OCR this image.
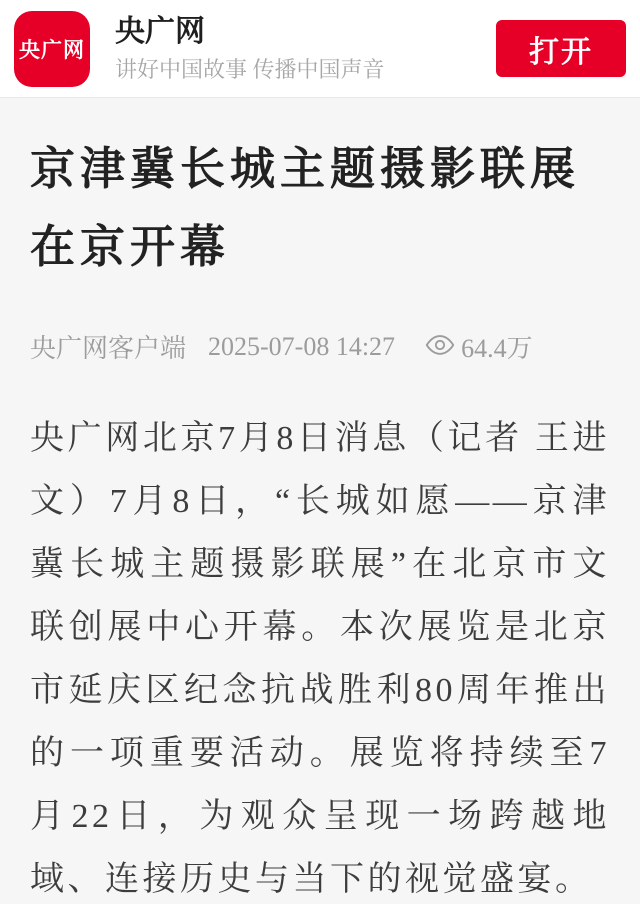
央广网
央广网
讲好中国故事 传播中国声音
打开
京津冀长城主题摄影联展在京开幕
央广网客户端 2025-07-08 14:27	64.4万

央广网北京7月8日消息（记者 王进文）7月8日，“长城如愿——京津冀长城主题摄影联展”在北京市文联创展中心开幕。本次展览是北京市延庆区纪念抗战胜利80周年推出的一项重要活动。展览将持续至7月22日，为观众呈现一场跨越地域、连接历史与当下的视觉盛宴。
